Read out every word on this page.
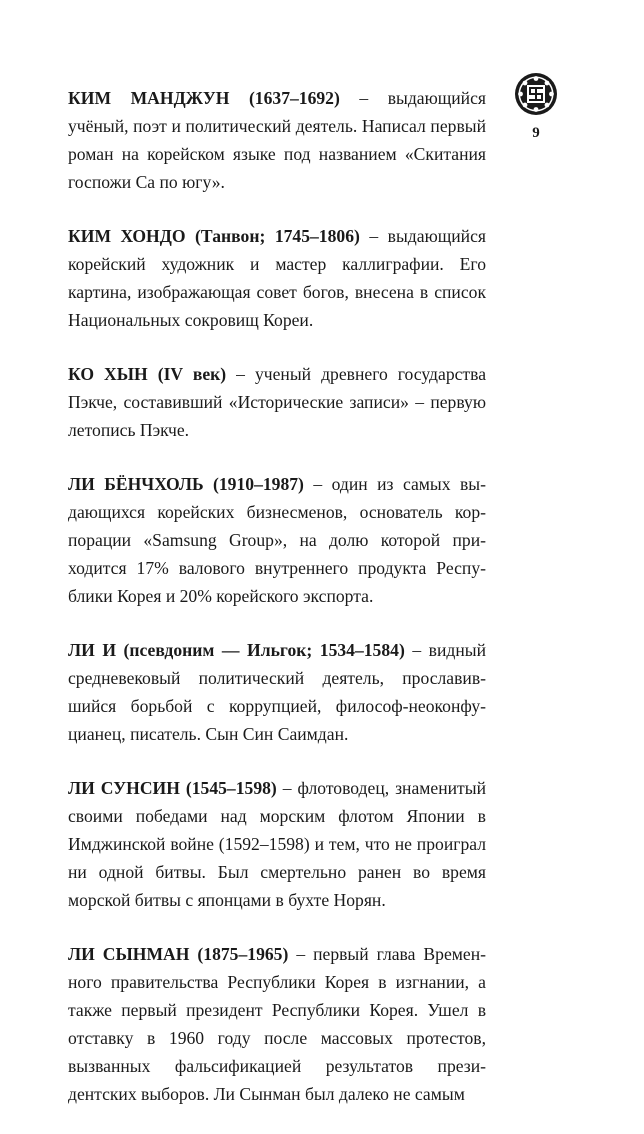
9

КИМ МАНДЖУН (1637–1692) – выдающийся учёный, поэт и политический деятель. Написал первый роман на корейском языке под названием «Скитания госпожи Са по югу».

КИМ ХОНДО (Танвон; 1745–1806) – выдающийся корейский художник и мастер каллиграфии. Его картина, изображающая совет богов, внесена в список Национальных сокровищ Кореи.

КО ХЫН (IV век) – ученый древнего государства Пэкче, составивший «Исторические записи» – первую летопись Пэкче.

ЛИ БЁНЧХОЛЬ (1910–1987) – один из самых выдающихся корейских бизнесменов, основатель корпорации «Samsung Group», на долю которой приходится 17% валового внутреннего продукта Республики Корея и 20% корейского экспорта.

ЛИ И (псевдоним — Ильгок; 1534–1584) – видный средневековый политический деятель, прославившийся борьбой с коррупцией, философ-неоконфуцианец, писатель. Сын Син Саимдан.

ЛИ СУНСИН (1545–1598) – флотоводец, знаменитый своими победами над морским флотом Японии в Имджинской войне (1592–1598) и тем, что не проиграл ни одной битвы. Был смертельно ранен во время морской битвы с японцами в бухте Норян.

ЛИ СЫНМАН (1875–1965) – первый глава Временного правительства Республики Корея в изгнании, а также первый президент Республики Корея. Ушел в отставку в 1960 году после массовых протестов, вызванных фальсификацией результатов президентских выборов. Ли Сынман был далеко не самым
